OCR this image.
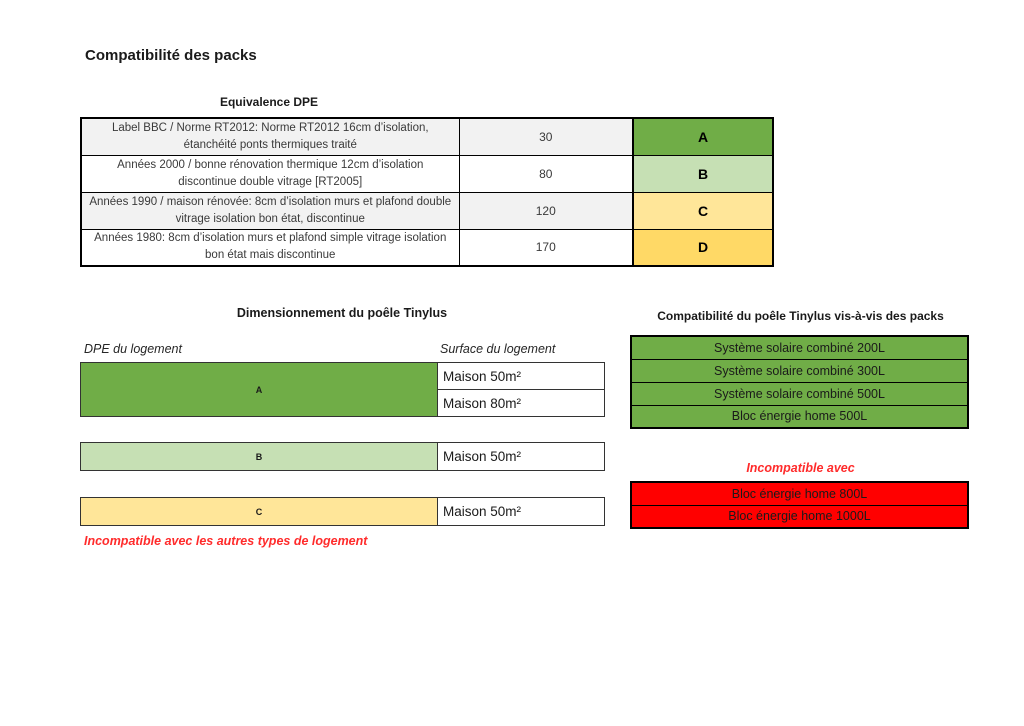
Compatibilité des packs
Equivalence DPE
Label BBC / Norme RT2012: Norme RT2012 16cm d’isolation, étanchéité ponts thermiques traité	30	A
Années 2000 / bonne rénovation thermique 12cm d’isolation discontinue double vitrage [RT2005]	80	B
Années 1990 / maison rénovée: 8cm d’isolation murs et plafond double vitrage isolation bon état, discontinue	120	C
Années 1980: 8cm d’isolation murs et plafond simple vitrage isolation bon état mais discontinue	170	D
Dimensionnement du poêle Tinylus
DPE du logement	Surface du logement
A	Maison 50m²
Maison 80m²
B	Maison 50m²
C	Maison 50m²
Incompatible avec les autres types de logement
Compatibilité du poêle Tinylus vis-à-vis des packs
Système solaire combiné 200L
Système solaire combiné 300L
Système solaire combiné 500L
Bloc énergie home 500L
Incompatible avec
Bloc énergie home 800L
Bloc énergie home 1000L
